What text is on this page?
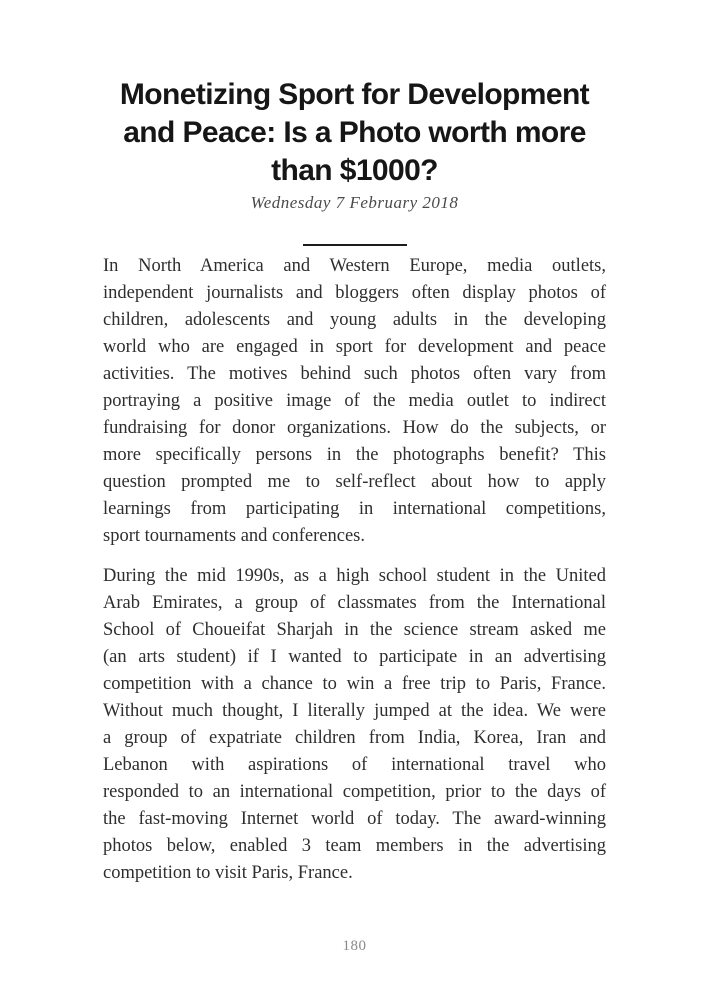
Monetizing Sport for Development
and Peace: Is a Photo worth more
than $1000?
Wednesday 7 February 2018
In North America and Western Europe, media outlets,
independent journalists and bloggers often display photos of
children, adolescents and young adults in the developing
world who are engaged in sport for development and peace
activities. The motives behind such photos often vary from
portraying a positive image of the media outlet to indirect
fundraising for donor organizations. How do the subjects, or
more specifically persons in the photographs benefit? This
question prompted me to self-reflect about how to apply
learnings from participating in international competitions,
sport tournaments and conferences.
During the mid 1990s, as a high school student in the United
Arab Emirates, a group of classmates from the International
School of Choueifat Sharjah in the science stream asked me
(an arts student) if I wanted to participate in an advertising
competition with a chance to win a free trip to Paris, France.
Without much thought, I literally jumped at the idea. We were
a group of expatriate children from India, Korea, Iran and
Lebanon with aspirations of international travel who
responded to an international competition, prior to the days of
the fast-moving Internet world of today. The award-winning
photos below, enabled 3 team members in the advertising
competition to visit Paris, France.
180
